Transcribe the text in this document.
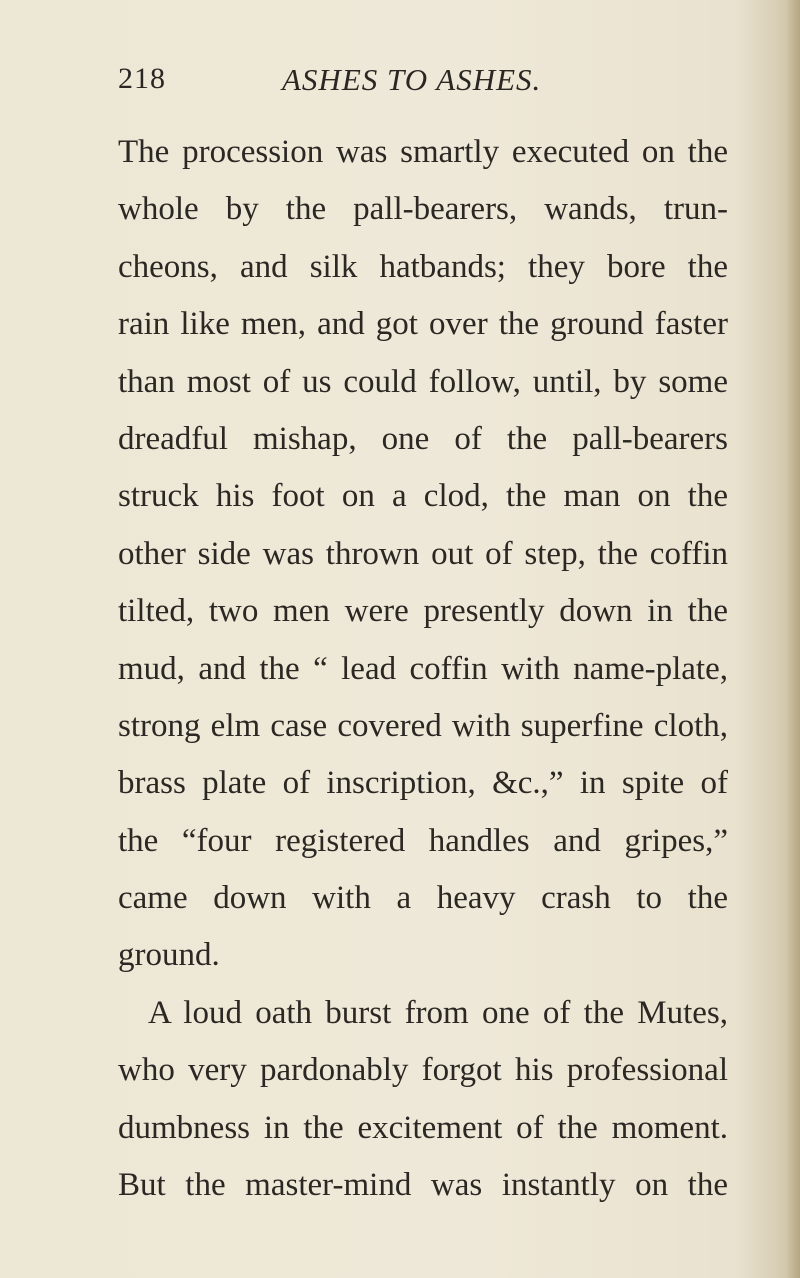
218	ASHES TO ASHES.
The procession was smartly executed on the
whole by the pall-bearers, wands, trun-
cheons, and silk hatbands; they bore the
rain like men, and got over the ground faster
than most of us could follow, until, by some
dreadful mishap, one of the pall-bearers
struck his foot on a clod, the man on the
other side was thrown out of step, the coffin
tilted, two men were presently down in the
mud, and the “ lead coffin with name-plate,
strong elm case covered with superfine cloth,
brass plate of inscription, &c.,” in spite of
the “four registered handles and gripes,”
came down with a heavy crash to the
ground.
A loud oath burst from one of the Mutes,
who very pardonably forgot his professional
dumbness in the excitement of the moment.
But the master-mind was instantly on the
